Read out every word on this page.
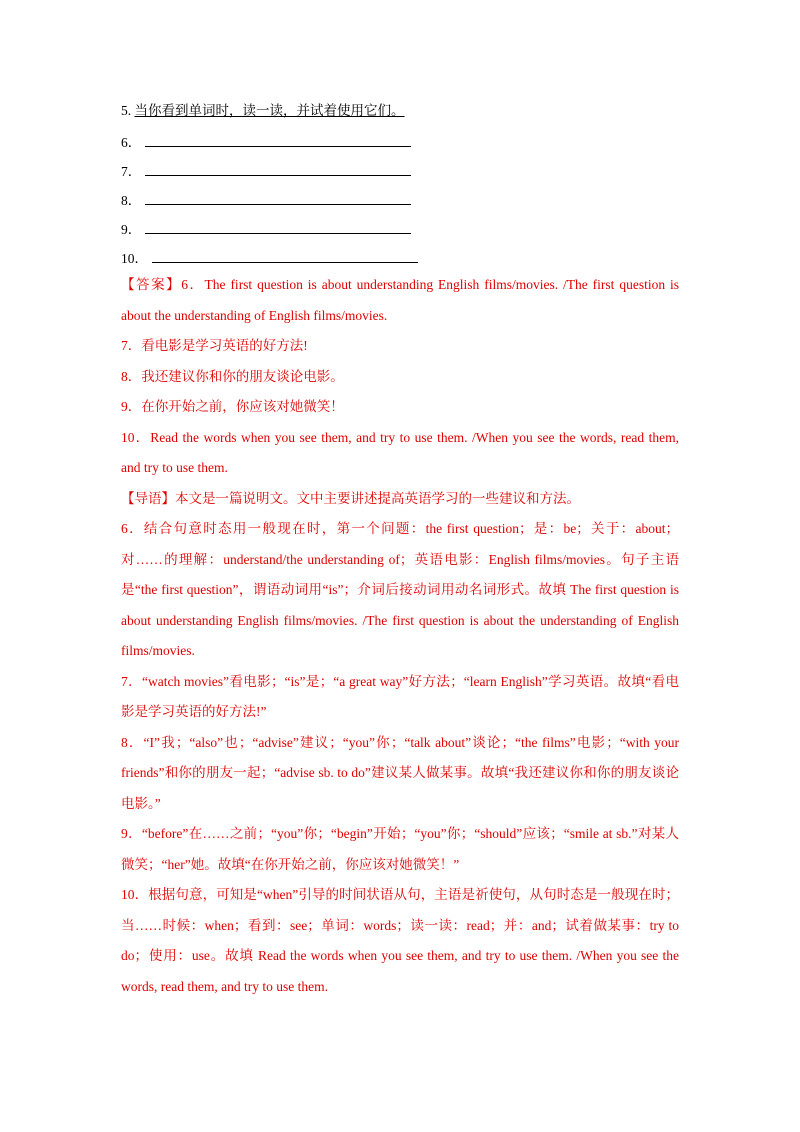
5. 当你看到单词时，读一读，并试着使用它们。
6．
7．
8．
9．
10．

【答案】6．The first question is about understanding English films/movies. /The first question is about the understanding of English films/movies.

7．看电影是学习英语的好方法!

8．我还建议你和你的朋友谈论电影。

9．在你开始之前，你应该对她微笑！

10．Read the words when you see them, and try to use them. /When you see the words, read them, and try to use them.

【导语】本文是一篇说明文。文中主要讲述提高英语学习的一些建议和方法。

6．结合句意时态用一般现在时，第一个问题：the first question；是：be；关于：about；对……的理解：understand/the understanding of；英语电影：English films/movies。句子主语是“the first question”，谓语动词用“is”；介词后接动词用动名词形式。故填 The first question is about understanding English films/movies. /The first question is about the understanding of English films/movies.

7．“watch movies”看电影；“is”是；“a great way”好方法；“learn English”学习英语。故填“看电影是学习英语的好方法!”

8．“I”我；“also”也；“advise”建议；“you”你；“talk about”谈论；“the films”电影；“with your friends”和你的朋友一起；“advise sb. to do”建议某人做某事。故填“我还建议你和你的朋友谈论电影。”

9．“before”在……之前；“you”你；“begin”开始；“you”你；“should”应该；“smile at sb.”对某人微笑；“her”她。故填“在你开始之前，你应该对她微笑！”

10．根据句意，可知是“when”引导的时间状语从句，主语是祈使句，从句时态是一般现在时；当……时候：when；看到：see；单词：words；读一读：read；并：and；试着做某事：try to do；使用：use。故填 Read the words when you see them, and try to use them. /When you see the words, read them, and try to use them.
